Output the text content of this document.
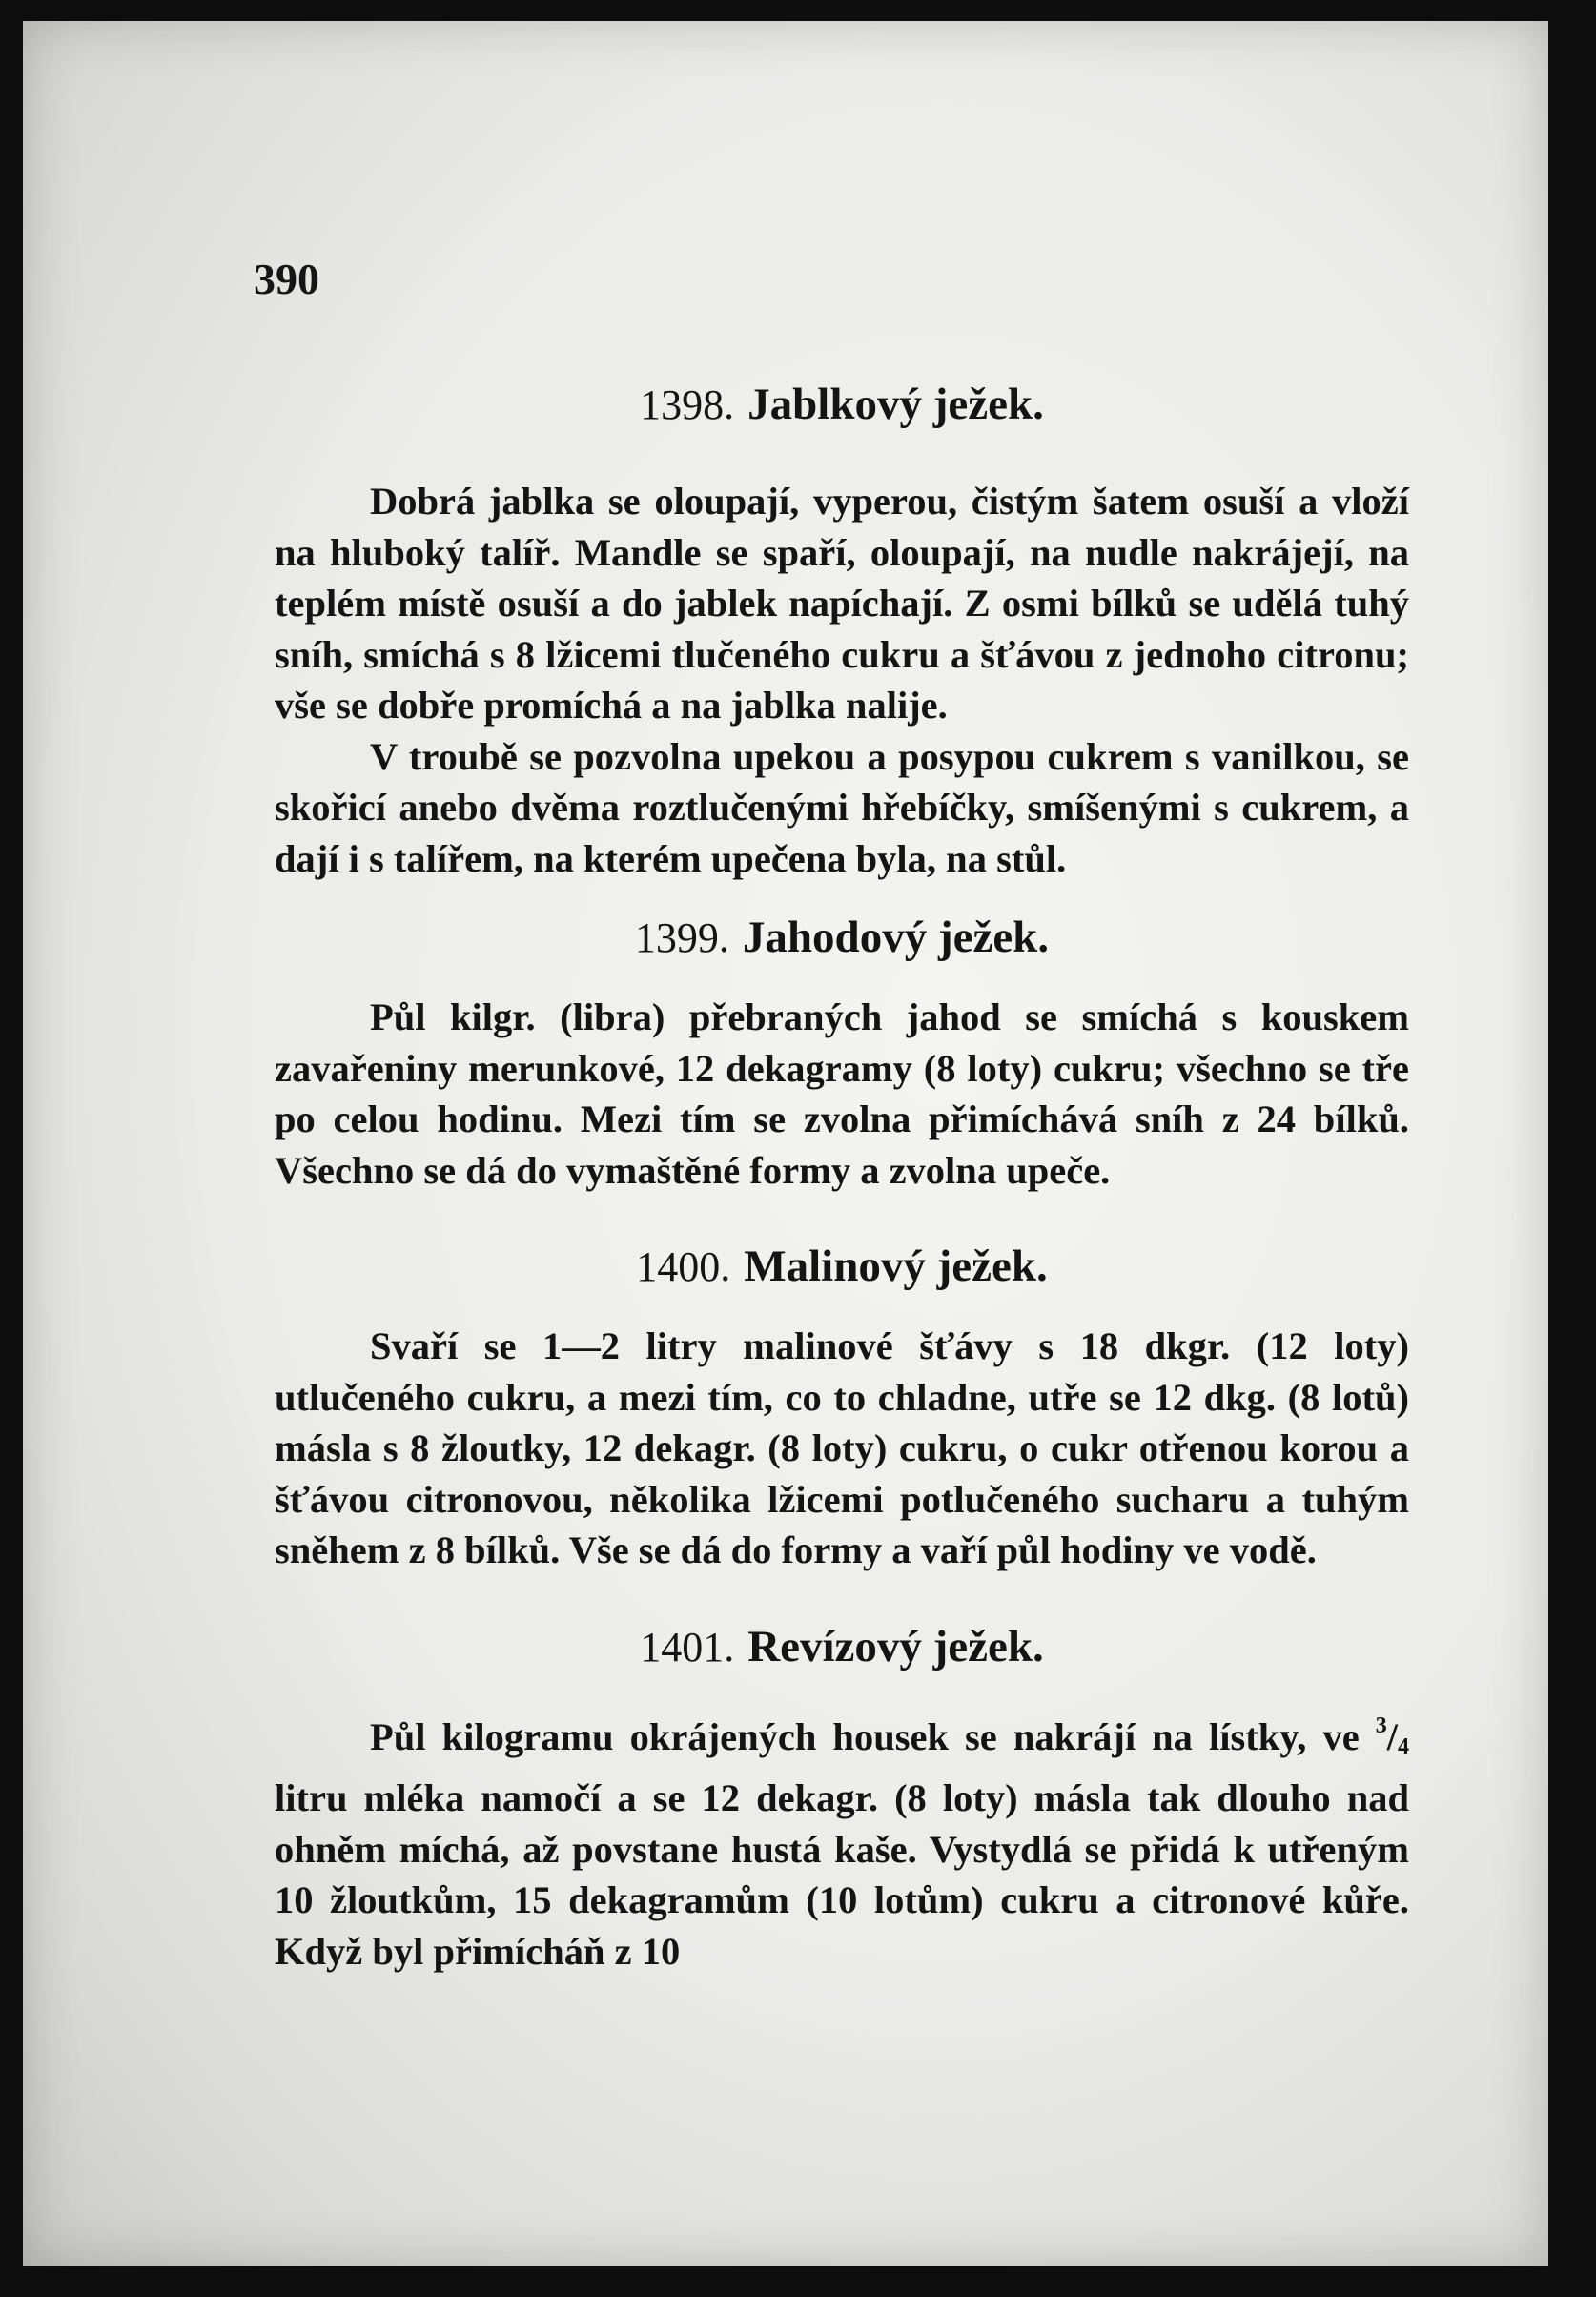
390
1398. Jablkový ježek.

Dobrá jablka se oloupají, vyperou, čistým šatem osuší a vloží na hluboký talíř. Mandle se spaří, oloupají, na nudle nakrájejí, na teplém místě osuší a do jablek napíchají. Z osmi bílků se udělá tuhý sníh, smíchá s 8 lžicemi tlučeného cukru a šťávou z jednoho citronu; vše se dobře promíchá a na jablka nalije.

V troubě se pozvolna upekou a posypou cukrem s vanilkou, se skořicí anebo dvěma roztlučenými hřebíčky, smíšenými s cukrem, a dají i s talířem, na kterém upečena byla, na stůl.

1399. Jahodový ježek.

Půl kilgr. (libra) přebraných jahod se smíchá s kouskem zavařeniny merunkové, 12 dekagramy (8 loty) cukru; všechno se tře po celou hodinu. Mezi tím se zvolna přimíchává sníh z 24 bílků. Všechno se dá do vymaštěné formy a zvolna upeče.

1400. Malinový ježek.

Svaří se 1—2 litry malinové šťávy s 18 dkgr. (12 loty) utlučeného cukru, a mezi tím, co to chladne, utře se 12 dkg. (8 lotů) másla s 8 žloutky, 12 dekagr. (8 loty) cukru, o cukr otřenou korou a šťávou citronovou, několika lžicemi potlučeného sucharu a tuhým sněhem z 8 bílků. Vše se dá do formy a vaří půl hodiny ve vodě.

1401. Revízový ježek.

Půl kilogramu okrájených housek se nakrájí na lístky, ve $^3/_4$ litru mléka namočí a se 12 dekagr. (8 loty) másla tak dlouho nad ohněm míchá, až povstane hustá kaše. Vystydlá se přidá k utřeným 10 žloutkům, 15 dekagramům (10 lotům) cukru a citronové kůře. Když byl přimícháň z 10
